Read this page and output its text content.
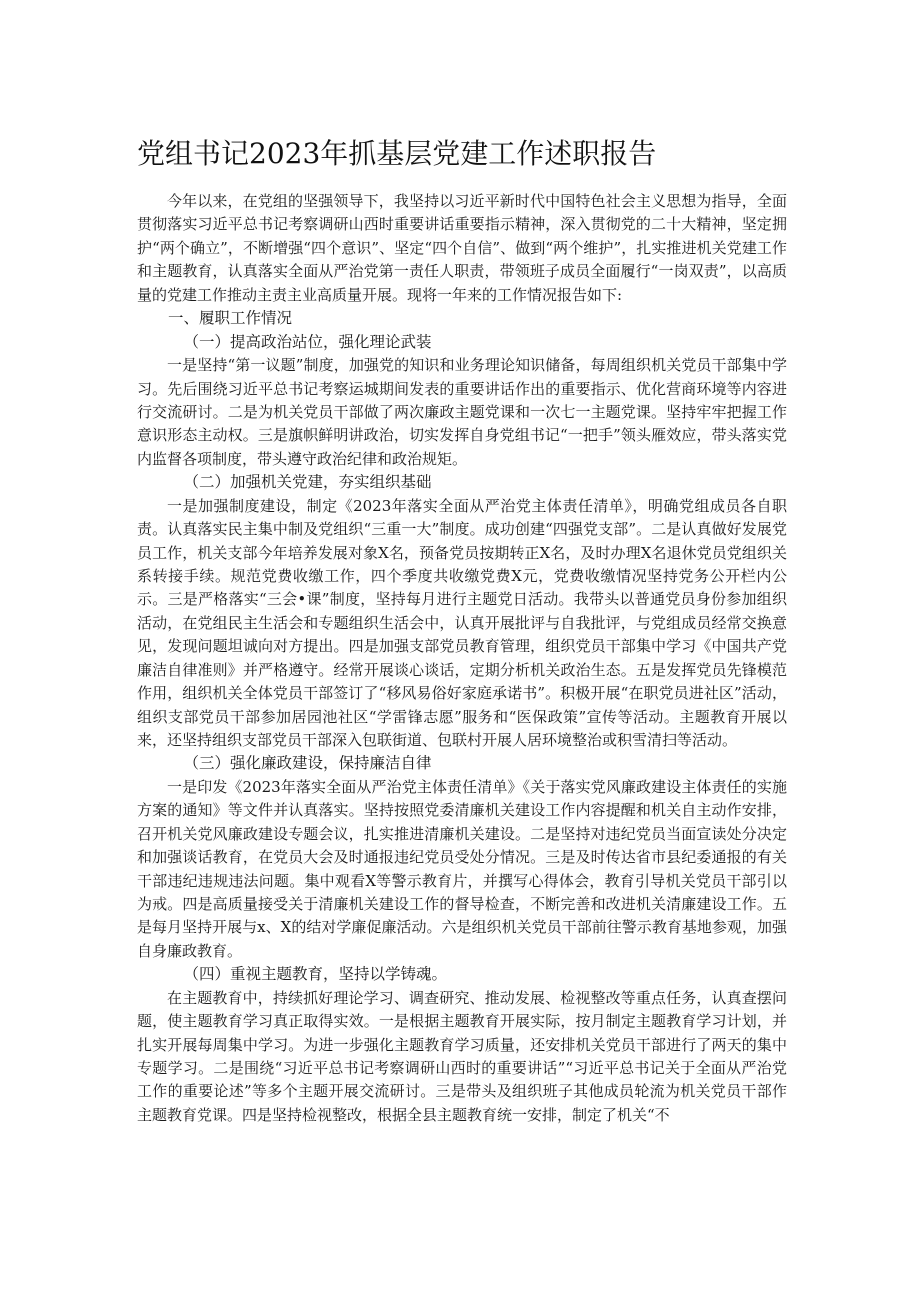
党组书记2023年抓基层党建工作述职报告

今年以来，在党组的坚强领导下，我坚持以习近平新时代中国特色社会主义思想为指导，全面贯彻落实习近平总书记考察调研山西时重要讲话重要指示精神，深入贯彻党的二十大精神，坚定拥护“两个确立”，不断增强“四个意识”、坚定“四个自信”、做到“两个维护”，扎实推进机关党建工作和主题教育，认真落实全面从严治党第一责任人职责，带领班子成员全面履行“一岗双责”，以高质量的党建工作推动主责主业高质量开展。现将一年来的工作情况报告如下:

一、履职工作情况

（一）提高政治站位，强化理论武装

一是坚持“第一议题”制度，加强党的知识和业务理论知识储备，每周组织机关党员干部集中学习。先后围绕习近平总书记考察运城期间发表的重要讲话作出的重要指示、优化营商环境等内容进行交流研讨。二是为机关党员干部做了两次廉政主题党课和一次七一主题党课。坚持牢牢把握工作意识形态主动权。三是旗帜鲜明讲政治，切实发挥自身党组书记“一把手”领头雁效应，带头落实党内监督各项制度，带头遵守政治纪律和政治规矩。

（二）加强机关党建，夯实组织基础

一是加强制度建设，制定《2023年落实全面从严治党主体责任清单》，明确党组成员各自职责。认真落实民主集中制及党组织“三重一大”制度。成功创建“四强党支部”。二是认真做好发展党员工作，机关支部今年培养发展对象X名，预备党员按期转正X名，及时办理X名退休党员党组织关系转接手续。规范党费收缴工作，四个季度共收缴党费X元，党费收缴情况坚持党务公开栏内公示。三是严格落实“三会•课”制度，坚持每月进行主题党日活动。我带头以普通党员身份参加组织活动，在党组民主生活会和专题组织生活会中，认真开展批评与自我批评，与党组成员经常交换意见，发现问题坦诚向对方提出。四是加强支部党员教育管理，组织党员干部集中学习《中国共产党廉洁自律准则》并严格遵守。经常开展谈心谈话，定期分析机关政治生态。五是发挥党员先锋模范作用，组织机关全体党员干部签订了“移风易俗好家庭承诺书”。积极开展“在职党员进社区”活动，组织支部党员干部参加居园池社区“学雷锋志愿”服务和“医保政策”宣传等活动。主题教育开展以来，还坚持组织支部党员干部深入包联街道、包联村开展人居环境整治或积雪清扫等活动。

（三）强化廉政建设，保持廉洁自律

一是印发《2023年落实全面从严治党主体责任清单》《关于落实党风廉政建设主体责任的实施方案的通知》等文件并认真落实。坚持按照党委清廉机关建设工作内容提醒和机关自主动作安排，召开机关党风廉政建设专题会议，扎实推进清廉机关建设。二是坚持对违纪党员当面宣读处分决定和加强谈话教育，在党员大会及时通报违纪党员受处分情况。三是及时传达省市县纪委通报的有关干部违纪违规违法问题。集中观看X等警示教育片，并撰写心得体会，教育引导机关党员干部引以为戒。四是高质量接受关于清廉机关建设工作的督导检查，不断完善和改进机关清廉建设工作。五是每月坚持开展与x、X的结对学廉促廉活动。六是组织机关党员干部前往警示教育基地参观，加强自身廉政教育。

（四）重视主题教育，坚持以学铸魂。

在主题教育中，持续抓好理论学习、调查研究、推动发展、检视整改等重点任务，认真查摆问题，使主题教育学习真正取得实效。一是根据主题教育开展实际，按月制定主题教育学习计划，并扎实开展每周集中学习。为进一步强化主题教育学习质量，还安排机关党员干部进行了两天的集中专题学习。二是围绕“习近平总书记考察调研山西时的重要讲话”“习近平总书记关于全面从严治党工作的重要论述”等多个主题开展交流研讨。三是带头及组织班子其他成员轮流为机关党员干部作主题教育党课。四是坚持检视整改，根据全县主题教育统一安排，制定了机关“不
